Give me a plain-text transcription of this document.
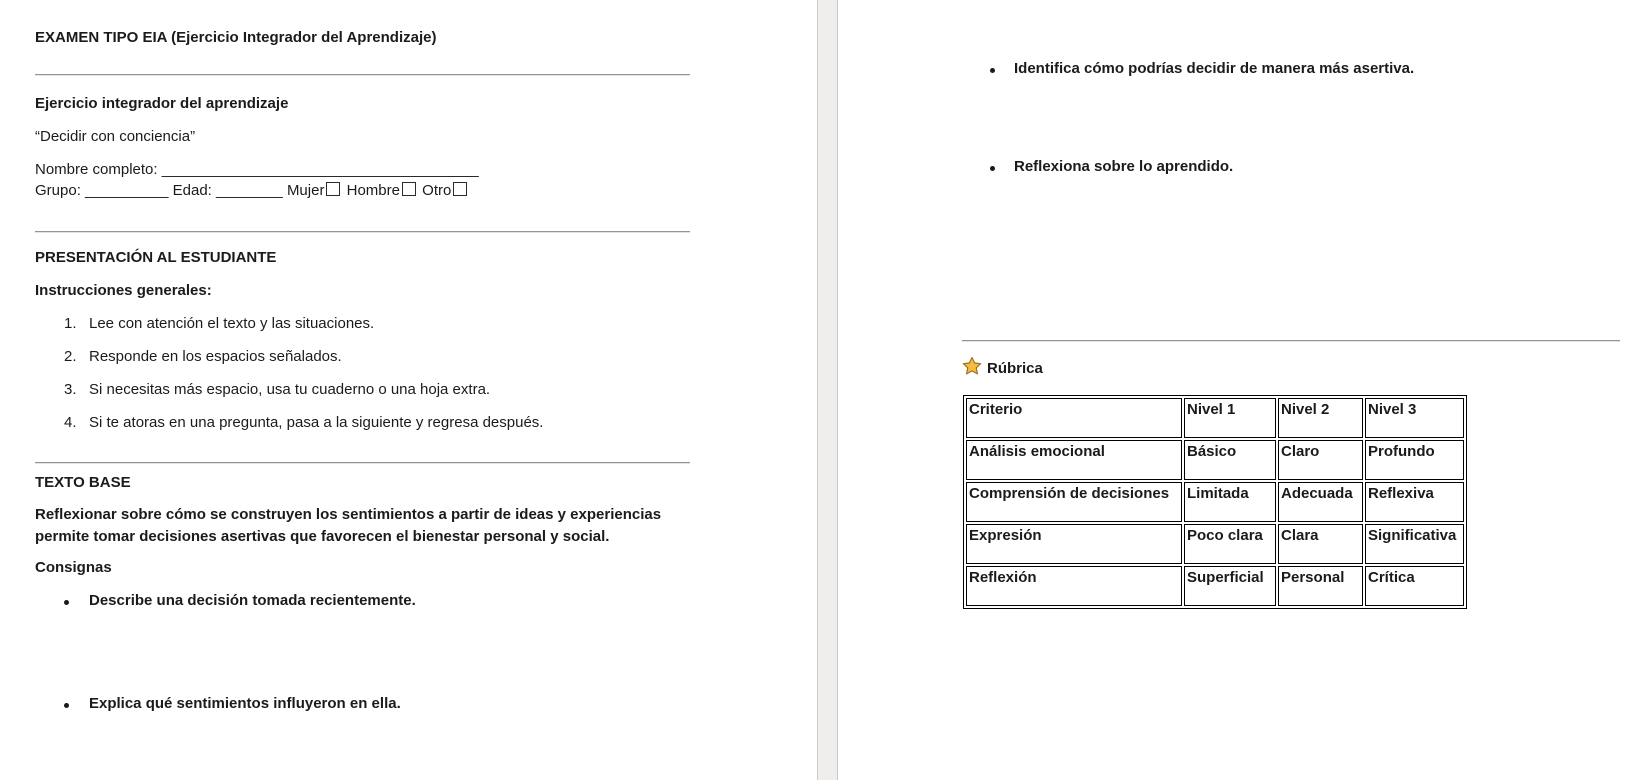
EXAMEN TIPO EIA (Ejercicio Integrador del Aprendizaje)
Ejercicio integrador del aprendizaje
“Decidir con conciencia”
Nombre completo: ______________________________________
Grupo: __________ Edad: ________ Mujer Hombre Otro
PRESENTACIÓN AL ESTUDIANTE
Instrucciones generales:
1. Lee con atención el texto y las situaciones.
2. Responde en los espacios señalados.
3. Si necesitas más espacio, usa tu cuaderno o una hoja extra.
4. Si te atoras en una pregunta, pasa a la siguiente y regresa después.
TEXTO BASE
Reflexionar sobre cómo se construyen los sentimientos a partir de ideas y experiencias permite tomar decisiones asertivas que favorecen el bienestar personal y social.
Consignas
Describe una decisión tomada recientemente.
Explica qué sentimientos influyeron en ella.
Identifica cómo podrías decidir de manera más asertiva.
Reflexiona sobre lo aprendido.
Rúbrica
Criterio	Nivel 1	Nivel 2	Nivel 3
Análisis emocional	Básico	Claro	Profundo
Comprensión de decisiones	Limitada	Adecuada	Reflexiva
Expresión	Poco clara	Clara	Significativa
Reflexión	Superficial	Personal	Crítica
